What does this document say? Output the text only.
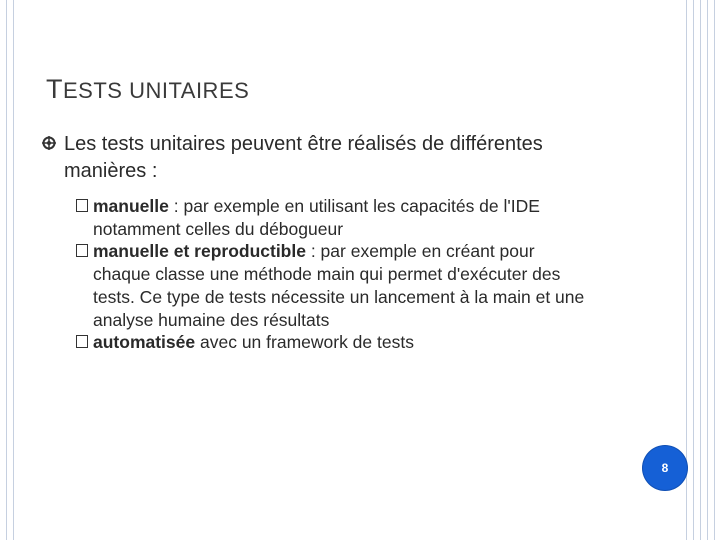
TESTS UNITAIRES
Les tests unitaires peuvent être réalisés de différentes manières :
manuelle : par exemple en utilisant les capacités de l'IDE notamment celles du débogueur
manuelle et reproductible : par exemple en créant pour chaque classe une méthode main qui permet d'exécuter des tests. Ce type de tests nécessite un lancement à la main et une analyse humaine des résultats
automatisée avec un framework de tests
8
